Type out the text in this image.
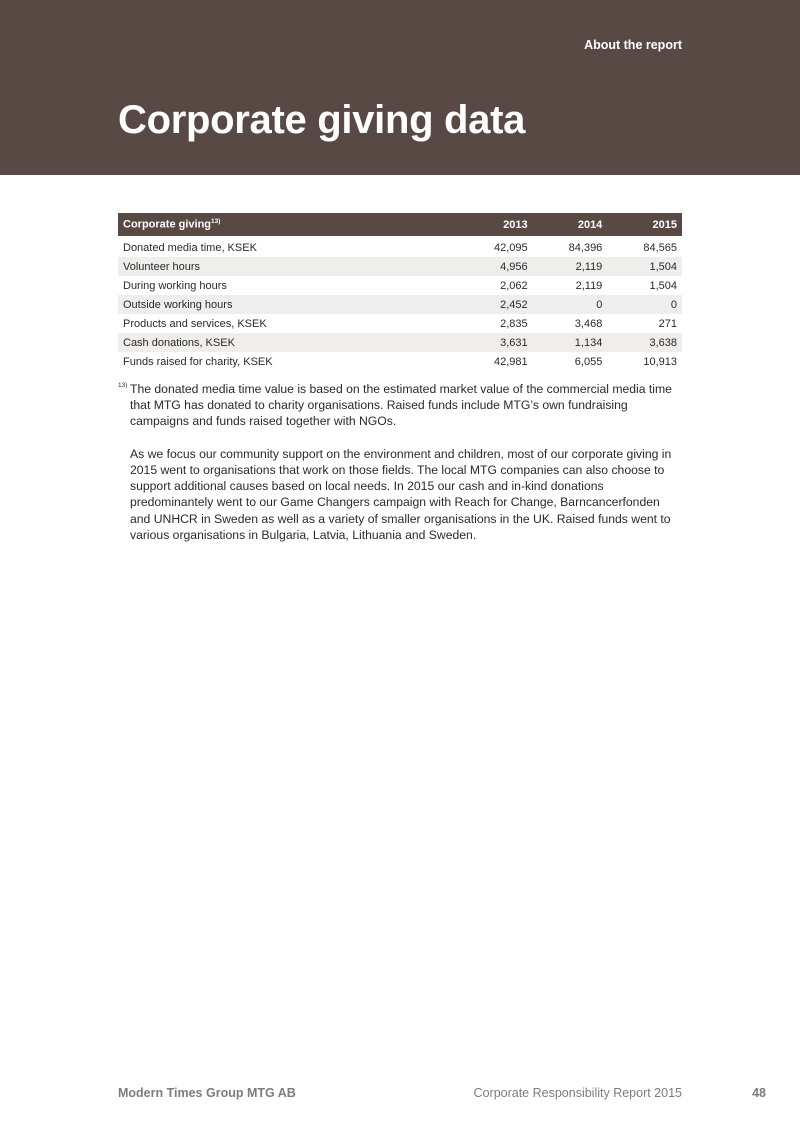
About the report
Corporate giving data
Corporate giving$^{13)}$	2013	2014	2015
Donated media time, KSEK	42,095	84,396	84,565
Volunteer hours	4,956	2,119	1,504
During working hours	2,062	2,119	1,504
Outside working hours	2,452	0	0
Products and services, KSEK	2,835	3,468	271
Cash donations, KSEK	3,631	1,134	3,638
Funds raised for charity, KSEK	42,981	6,055	10,913
13) The donated media time value is based on the estimated market value of the commercial media time that MTG has donated to charity organisations. Raised funds include MTG’s own fundraising campaigns and funds raised together with NGOs.

As we focus our community support on the environment and children, most of our corporate giving in 2015 went to organisations that work on those fields. The local MTG companies can also choose to support additional causes based on local needs. In 2015 our cash and in-kind donations predominantely went to our Game Changers campaign with Reach for Change, Barncancerfonden and UNHCR in Sweden as well as a variety of smaller organisations in the UK. Raised funds went to various organisations in Bulgaria, Latvia, Lithuania and Sweden.

Modern Times Group MTG AB	Corporate Responsibility Report 2015	48
